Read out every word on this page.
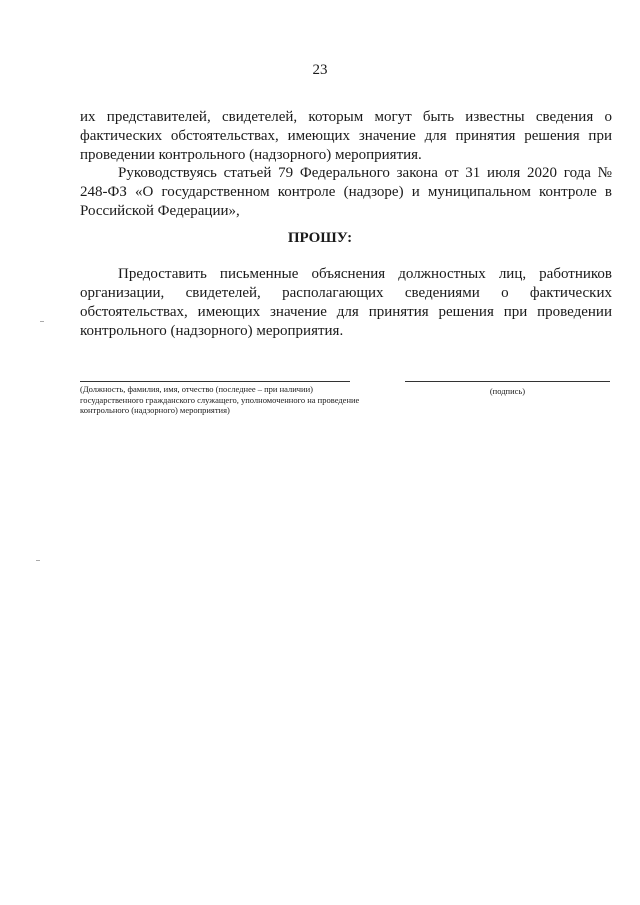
23

их представителей, свидетелей, которым могут быть известны сведения о фактических обстоятельствах, имеющих значение для принятия решения при проведении контрольного (надзорного) мероприятия.

Руководствуясь статьей 79 Федерального закона от 31 июля 2020 года № 248-ФЗ «О государственном контроле (надзоре) и муниципальном контроле в Российской Федерации»,

ПРОШУ:

Предоставить письменные объяснения должностных лиц, работников организации, свидетелей, располагающих сведениями о фактических обстоятельствах, имеющих значение для принятия решения при проведении контрольного (надзорного) мероприятия.

(Должность, фамилия, имя, отчество (последнее – при наличии) государственного гражданского служащего, уполномоченного на проведение контрольного (надзорного) мероприятия)

(подпись)
